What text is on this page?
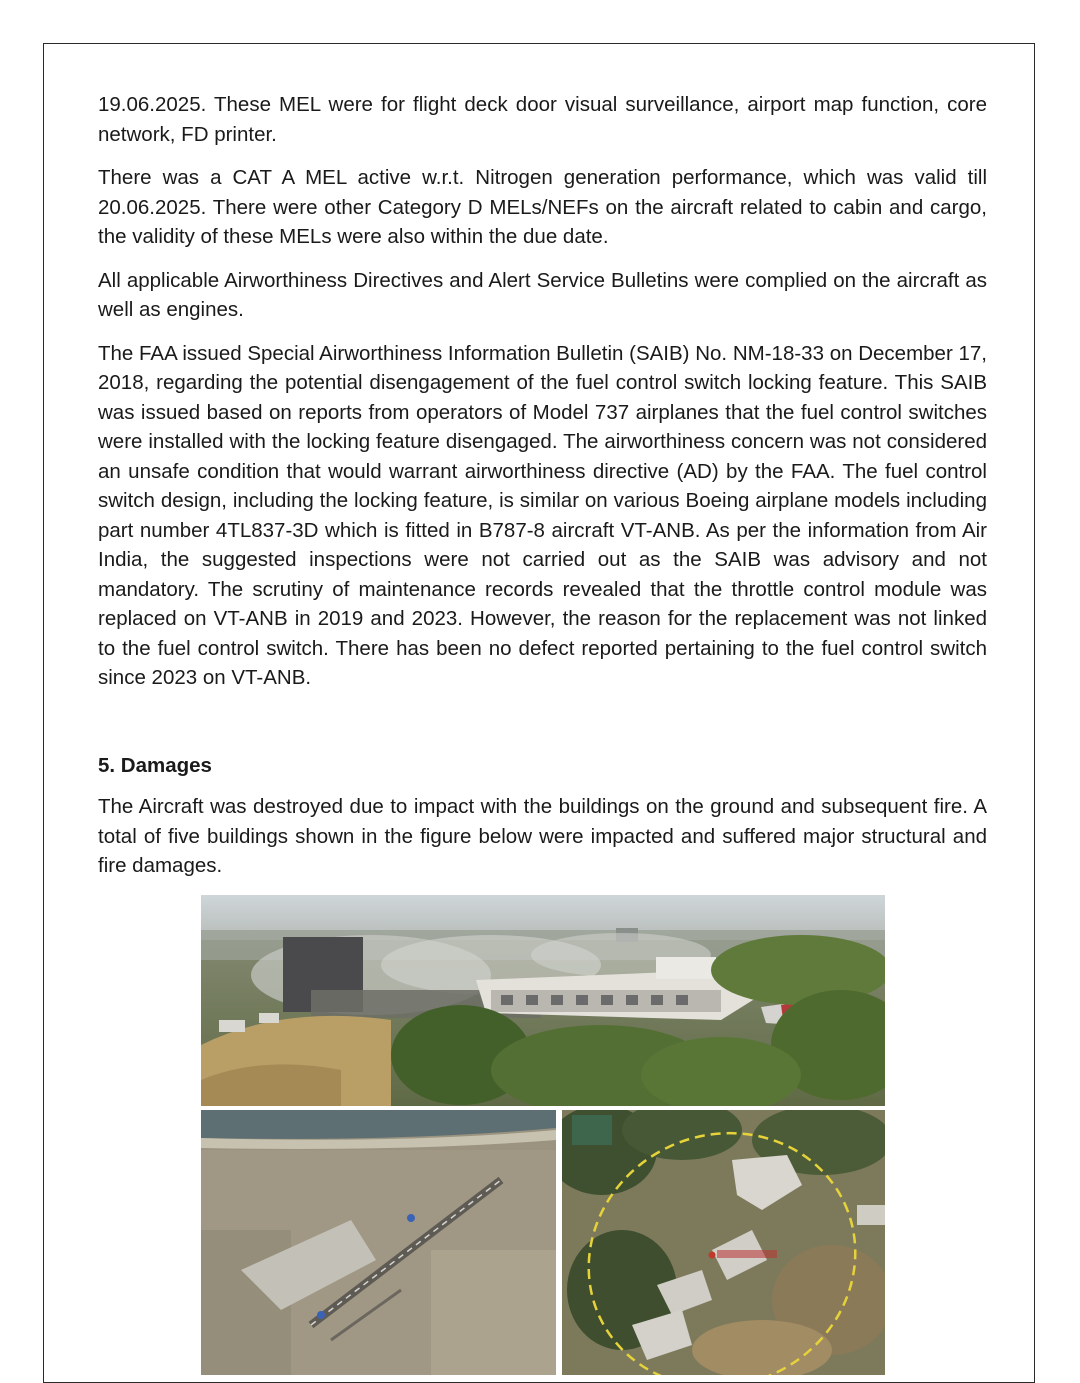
19.06.2025. These MEL were for flight deck door visual surveillance, airport map function, core network, FD printer.

There was a CAT A MEL active w.r.t. Nitrogen generation performance, which was valid till 20.06.2025. There were other Category D MELs/NEFs on the aircraft related to cabin and cargo, the validity of these MELs were also within the due date.

All applicable Airworthiness Directives and Alert Service Bulletins were complied on the aircraft as well as engines.

The FAA issued Special Airworthiness Information Bulletin (SAIB) No. NM-18-33 on December 17, 2018, regarding the potential disengagement of the fuel control switch locking feature. This SAIB was issued based on reports from operators of Model 737 airplanes that the fuel control switches were installed with the locking feature disengaged. The airworthiness concern was not considered an unsafe condition that would warrant airworthiness directive (AD) by the FAA. The fuel control switch design, including the locking feature, is similar on various Boeing airplane models including part number 4TL837-3D which is fitted in B787-8 aircraft VT-ANB. As per the information from Air India, the suggested inspections were not carried out as the SAIB was advisory and not mandatory. The scrutiny of maintenance records revealed that the throttle control module was replaced on VT-ANB in 2019 and 2023. However, the reason for the replacement was not linked to the fuel control switch. There has been no defect reported pertaining to the fuel control switch since 2023 on VT-ANB.

5. Damages

The Aircraft was destroyed due to impact with the buildings on the ground and subsequent fire. A total of five buildings shown in the figure below were impacted and suffered major structural and fire damages.
